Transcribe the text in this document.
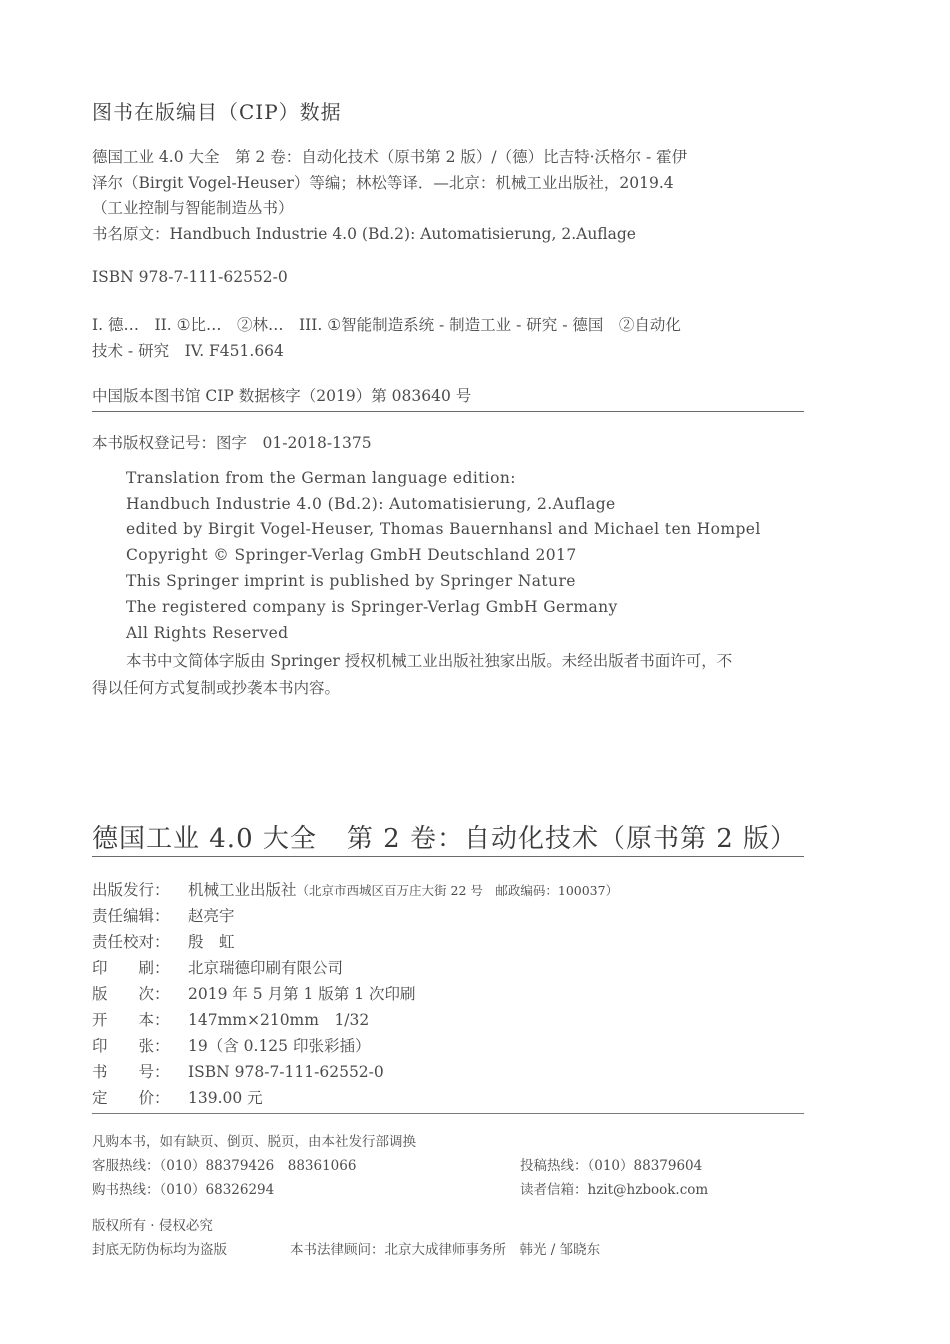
图书在版编目（CIP）数据
德国工业 4.0 大全　第 2 卷：自动化技术（原书第 2 版）/（德）比吉特·沃格尔 - 霍伊
泽尔（Birgit Vogel-Heuser）等编；林松等译．—北京：机械工业出版社，2019.4
（工业控制与智能制造丛书）
书名原文：Handbuch Industrie 4.0 (Bd.2): Automatisierung, 2.Auflage
ISBN 978-7-111-62552-0
I. 德…　II. ①比…　②林…　III. ①智能制造系统 - 制造工业 - 研究 - 德国　②自动化
技术 - 研究　IV. F451.664
中国版本图书馆 CIP 数据核字（2019）第 083640 号
本书版权登记号：图字　01-2018-1375
Translation from the German language edition:
Handbuch Industrie 4.0 (Bd.2): Automatisierung, 2.Auflage
edited by Birgit Vogel-Heuser, Thomas Bauernhansl and Michael ten Hompel
Copyright © Springer-Verlag GmbH Deutschland 2017
This Springer imprint is published by Springer Nature
The registered company is Springer-Verlag GmbH Germany
All Rights Reserved
本书中文简体字版由 Springer 授权机械工业出版社独家出版。未经出版者书面许可，不
得以任何方式复制或抄袭本书内容。
德国工业 4.0 大全 第 2 卷：自动化技术（原书第 2 版）
出版发行： 机械工业出版社（北京市西城区百万庄大街 22 号　邮政编码：100037）
责任编辑： 赵亮宇
责任校对： 殷　虹
印　　刷： 北京瑞德印刷有限公司
版　　次： 2019 年 5 月第 1 版第 1 次印刷
开　　本： 147mm×210mm　1/32
印　　张： 19（含 0.125 印张彩插）
书　　号： ISBN 978-7-111-62552-0
定　　价： 139.00 元
凡购本书，如有缺页、倒页、脱页，由本社发行部调换
客服热线：（010）88379426　88361066	投稿热线：（010）88379604
购书热线：（010）68326294	读者信箱：hzit@hzbook.com
版权所有 · 侵权必究
封底无防伪标均为盗版	本书法律顾问：北京大成律师事务所　韩光 / 邹晓东
